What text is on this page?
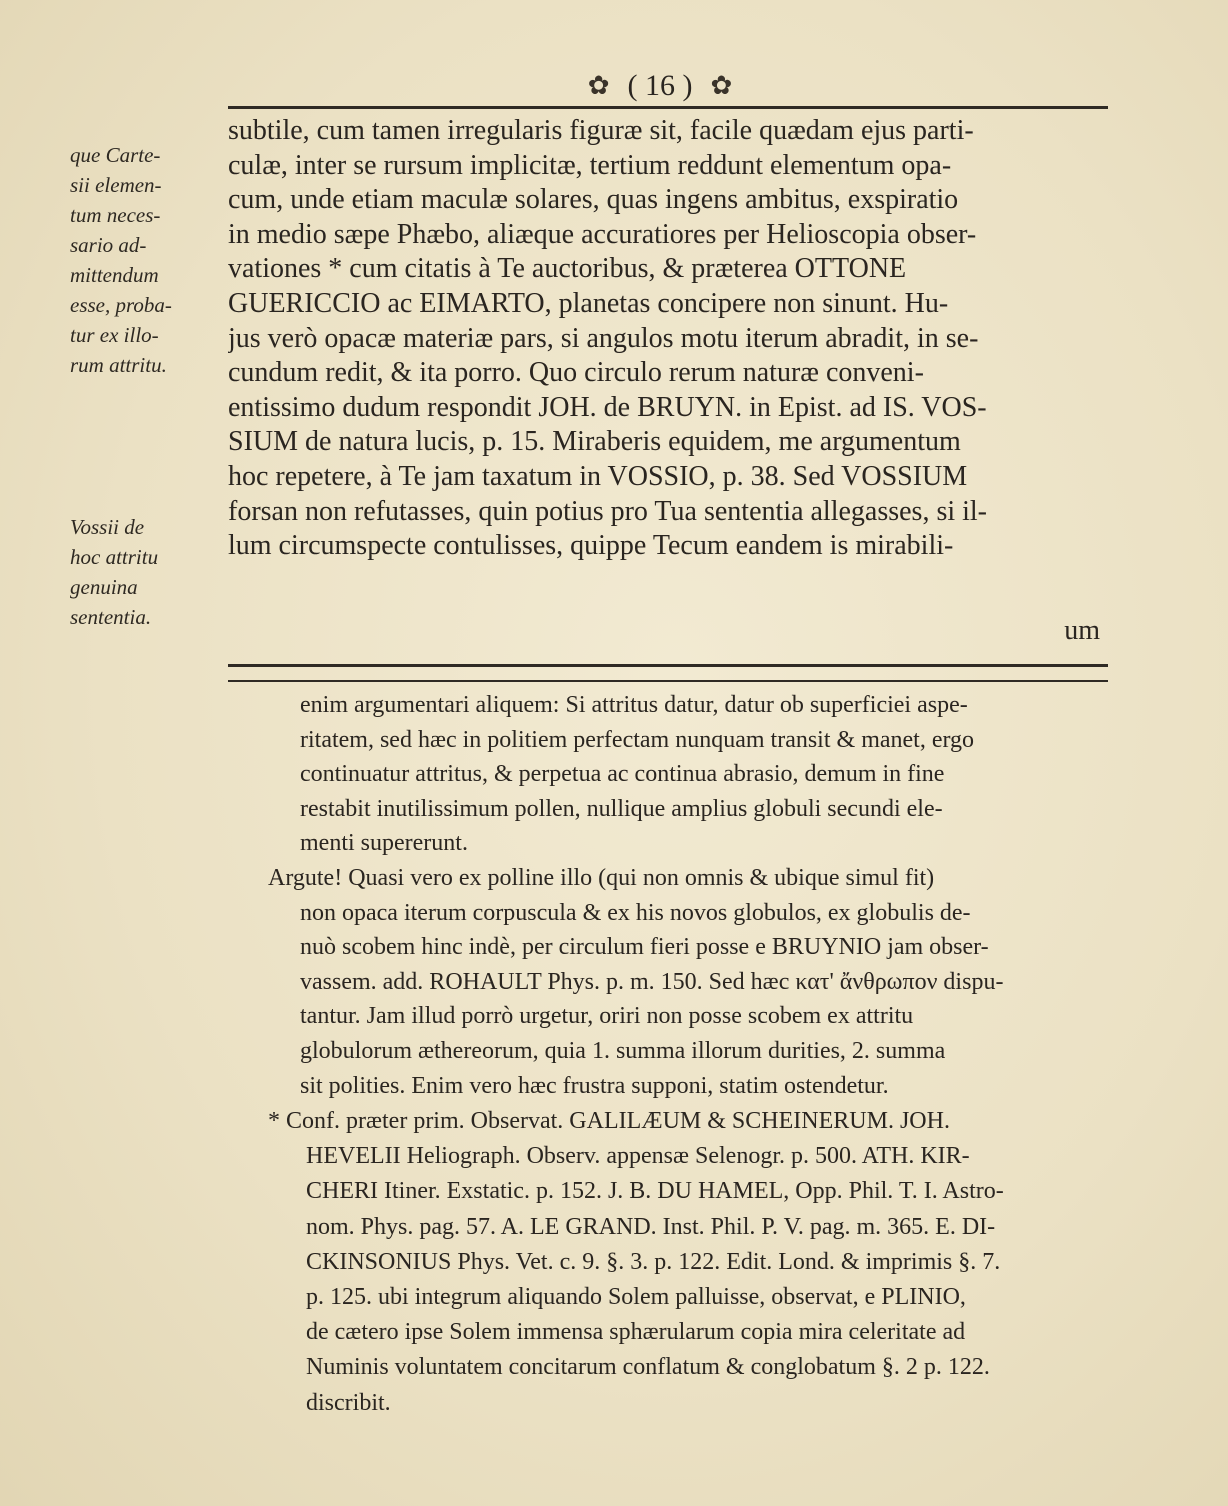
✿ ( 16 ) ✿
que Carte-
sii elemen-
tum neces-
sario ad-
mittendum
esse, proba-
tur ex illo-
rum attritu.
Vossii de
hoc attritu
genuina
sententia.
subtile, cum tamen irregularis figuræ sit, facile quædam ejus parti-
culæ, inter se rursum implicitæ, tertium reddunt elementum opa-
cum, unde etiam maculæ solares, quas ingens ambitus, exspiratio
in medio sæpe Phæbo, aliæque accuratiores per Helioscopia obser-
vationes * cum citatis à Te auctoribus, & præterea OTTONE
GUERICCIO ac EIMARTO, planetas concipere non sinunt. Hu-
jus verò opacæ materiæ pars, si angulos motu iterum abradit, in se-
cundum redit, & ita porro. Quo circulo rerum naturæ conveni-
entissimo dudum respondit JOH. de BRUYN. in Epist. ad IS. VOS-
SIUM de natura lucis, p. 15. Miraberis equidem, me argumentum
hoc repetere, à Te jam taxatum in VOSSIO, p. 38. Sed VOSSIUM
forsan non refutasses, quin potius pro Tua sententia allegasses, si il-
lum circumspecte contulisses, quippe Tecum eandem is mirabili-
um
enim argumentari aliquem: Si attritus datur, datur ob superficiei aspe-
ritatem, sed hæc in politiem perfectam nunquam transit & manet, ergo
continuatur attritus, & perpetua ac continua abrasio, demum in fine
restabit inutilissimum pollen, nullique amplius globuli secundi ele-
menti supererunt.
Argute! Quasi vero ex polline illo (qui non omnis & ubique simul fit)
non opaca iterum corpuscula & ex his novos globulos, ex globulis de-
nuò scobem hinc indè, per circulum fieri posse e BRUYNIO jam obser-
vassem. add. ROHAULT Phys. p. m. 150. Sed hæc κατ' ἄνθρωπον dispu-
tantur. Jam illud porrò urgetur, oriri non posse scobem ex attritu
globulorum æthereorum, quia 1. summa illorum durities, 2. summa
sit polities. Enim vero hæc frustra supponi, statim ostendetur.
* Conf. præter prim. Observat. GALILÆUM & SCHEINERUM. JOH.
HEVELII Heliograph. Observ. appensæ Selenogr. p. 500. ATH. KIR-
CHERI Itiner. Exstatic. p. 152. J. B. DU HAMEL, Opp. Phil. T. I. Astro-
nom. Phys. pag. 57. A. LE GRAND. Inst. Phil. P. V. pag. m. 365. E. DI-
CKINSONIUS Phys. Vet. c. 9. §. 3. p. 122. Edit. Lond. & imprimis §. 7.
p. 125. ubi integrum aliquando Solem palluisse, observat, e PLINIO,
de cætero ipse Solem immensa sphærularum copia mira celeritate ad
Numinis voluntatem concitarum conflatum & conglobatum §. 2 p. 122.
discribit.
